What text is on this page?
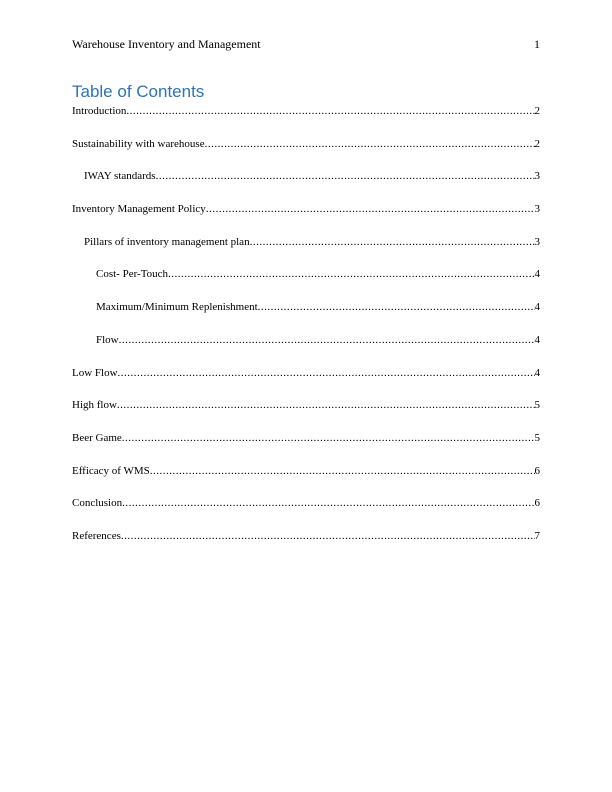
Warehouse Inventory and Management	1
Table of Contents
Introduction .....	2
Sustainability with warehouse .....	2
IWAY standards .....	3
Inventory Management Policy .....	3
Pillars of inventory management plan .....	3
Cost- Per-Touch .....	4
Maximum/Minimum Replenishment .....	4
Flow .....	4
Low Flow .....	4
High flow .....	5
Beer Game .....	5
Efficacy of WMS .....	6
Conclusion .....	6
References .....	7
